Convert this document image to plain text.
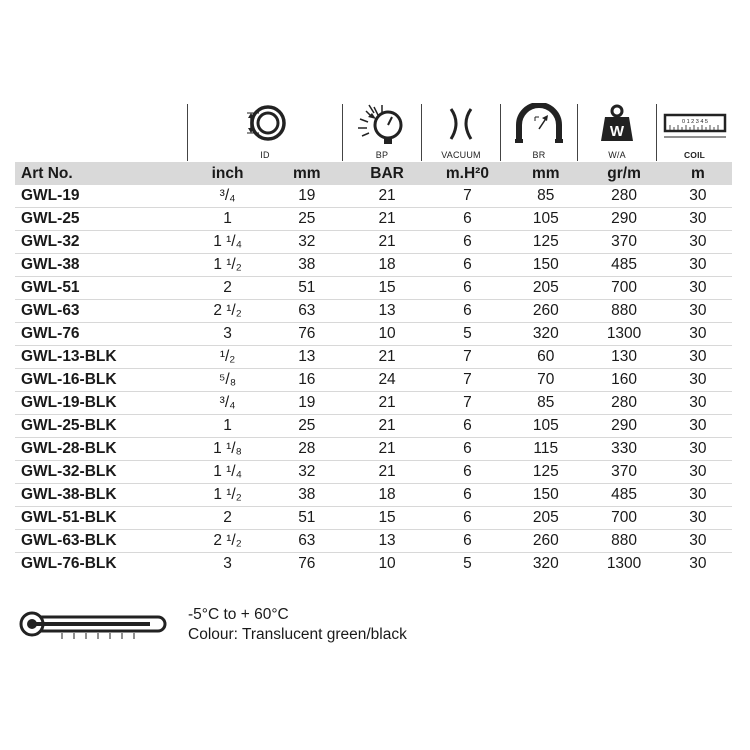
ID	BP	VACUUM	BR
W
W/A
0 1 2 3 4 5
COIL
Art No.	inch	mm	BAR	m.H²0	mm	gr/m	m
GWL-19	³/₄	19	21	7	85	280	30
GWL-25	1	25	21	6	105	290	30
GWL-32	1 ¹/₄	32	21	6	125	370	30
GWL-38	1 ¹/₂	38	18	6	150	485	30
GWL-51	2	51	15	6	205	700	30
GWL-63	2 ¹/₂	63	13	6	260	880	30
GWL-76	3	76	10	5	320	1300	30
GWL-13-BLK	¹/₂	13	21	7	60	130	30
GWL-16-BLK	⁵/₈	16	24	7	70	160	30
GWL-19-BLK	³/₄	19	21	7	85	280	30
GWL-25-BLK	1	25	21	6	105	290	30
GWL-28-BLK	1 ¹/₈	28	21	6	115	330	30
GWL-32-BLK	1 ¹/₄	32	21	6	125	370	30
GWL-38-BLK	1 ¹/₂	38	18	6	150	485	30
GWL-51-BLK	2	51	15	6	205	700	30
GWL-63-BLK	2 ¹/₂	63	13	6	260	880	30
GWL-76-BLK	3	76	10	5	320	1300	30
-5°C to + 60°C
Colour: Translucent green/black
